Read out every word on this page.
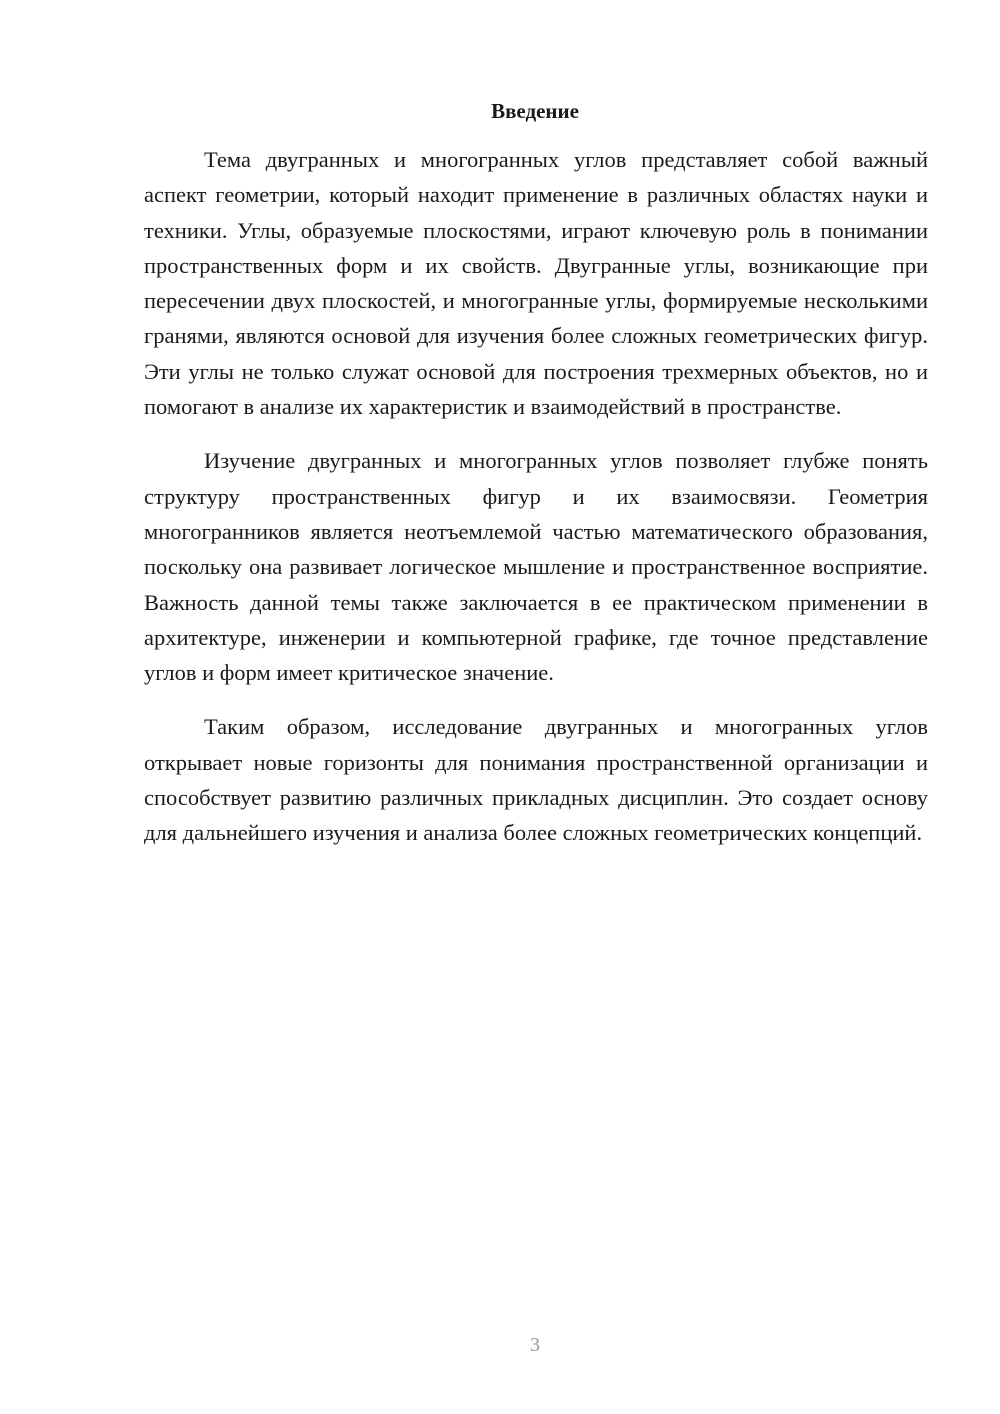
Введение

Тема двугранных и многогранных углов представляет собой важный аспект геометрии, который находит применение в различных областях науки и техники. Углы, образуемые плоскостями, играют ключевую роль в понимании пространственных форм и их свойств. Двугранные углы, возникающие при пересечении двух плоскостей, и многогранные углы, формируемые несколькими гранями, являются основой для изучения более сложных геометрических фигур. Эти углы не только служат основой для построения трехмерных объектов, но и помогают в анализе их характеристик и взаимодействий в пространстве.

Изучение двугранных и многогранных углов позволяет глубже понять структуру пространственных фигур и их взаимосвязи. Геометрия многогранников является неотъемлемой частью математического образования, поскольку она развивает логическое мышление и пространственное восприятие. Важность данной темы также заключается в ее практическом применении в архитектуре, инженерии и компьютерной графике, где точное представление углов и форм имеет критическое значение.

Таким образом, исследование двугранных и многогранных углов открывает новые горизонты для понимания пространственной организации и способствует развитию различных прикладных дисциплин. Это создает основу для дальнейшего изучения и анализа более сложных геометрических концепций.

3
